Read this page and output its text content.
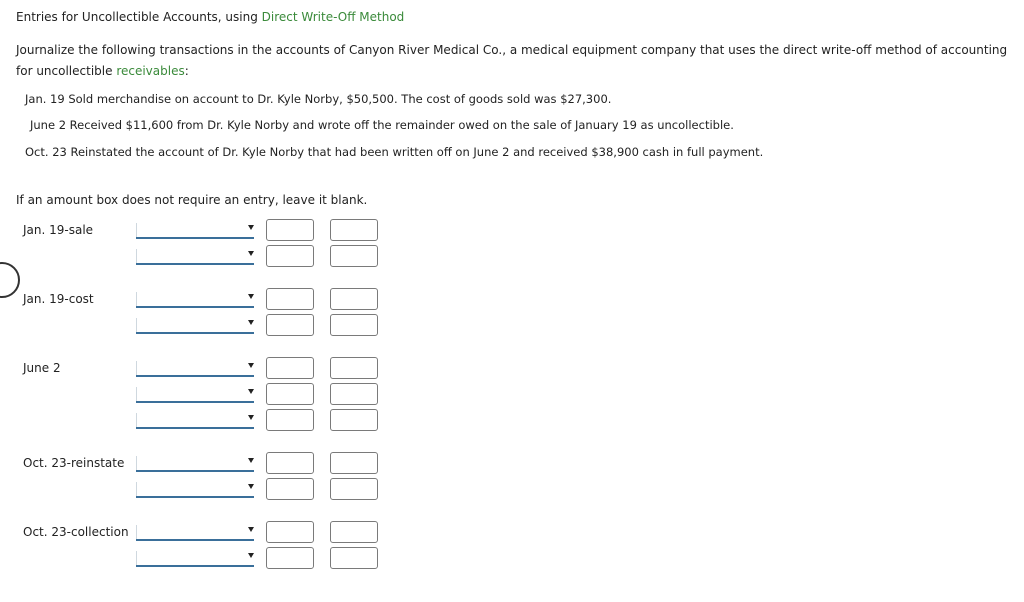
Entries for Uncollectible Accounts, using Direct Write-Off Method
Journalize the following transactions in the accounts of Canyon River Medical Co., a medical equipment company that uses the direct write-off method of accounting for uncollectible receivables:
Jan. 19 Sold merchandise on account to Dr. Kyle Norby, $50,500. The cost of goods sold was $27,300.
June 2 Received $11,600 from Dr. Kyle Norby and wrote off the remainder owed on the sale of January 19 as uncollectible.
Oct. 23 Reinstated the account of Dr. Kyle Norby that had been written off on June 2 and received $38,900 cash in full payment.
If an amount box does not require an entry, leave it blank.
Jan. 19-sale
Jan. 19-cost
June 2
Oct. 23-reinstate
Oct. 23-collection
